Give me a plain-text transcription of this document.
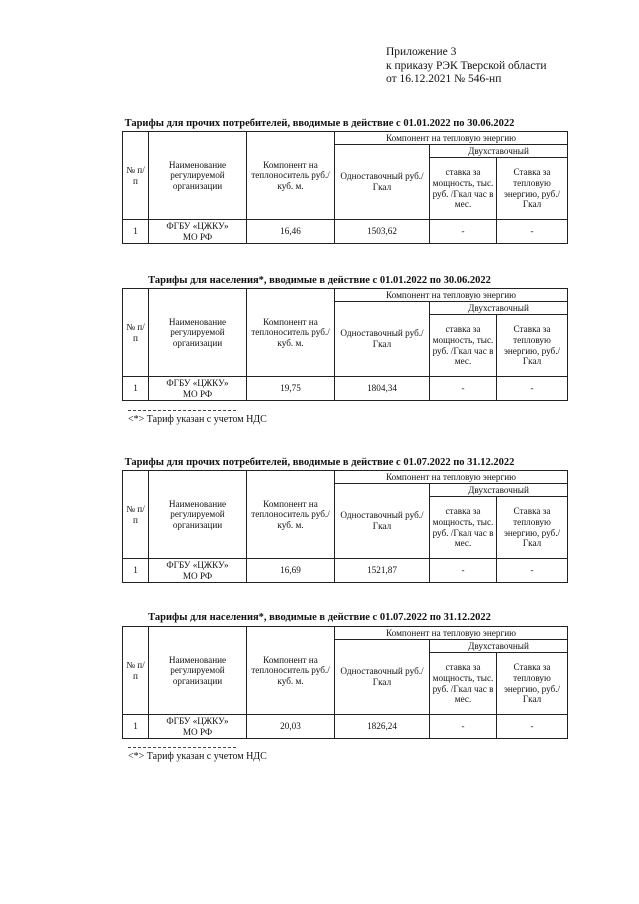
Приложение 3
к приказу РЭК Тверской области
от 16.12.2021 № 546-нп
Тарифы для прочих потребителей, вводимые в действие с 01.01.2022 по 30.06.2022
№ п/п	Наименование регулируемой организации	Компонент на теплоноситель руб./куб. м.	Компонент на тепловую энергию		
			Одноставочный руб./Гкал	Двухставочный	
				ставка за мощность, тыс. руб. /Гкал час в мес.	Ставка за тепловую энергию, руб./Гкал
1	ФГБУ «ЦЖКУ»
МО РФ	16,46	1503,62	-	-
Тарифы для населения*, вводимые в действие с 01.01.2022 по 30.06.2022
№ п/п	Наименование регулируемой организации	Компонент на теплоноситель руб./куб. м.	Компонент на тепловую энергию		
			Одноставочный руб./Гкал	Двухставочный	
				ставка за мощность, тыс. руб. /Гкал час в мес.	Ставка за тепловую энергию, руб./Гкал
1	ФГБУ «ЦЖКУ»
МО РФ	19,75	1804,34	-	-
<*> Тариф указан с учетом НДС
Тарифы для прочих потребителей, вводимые в действие с 01.07.2022 по 31.12.2022
№ п/п	Наименование регулируемой организации	Компонент на теплоноситель руб./куб. м.	Компонент на тепловую энергию		
			Одноставочный руб./Гкал	Двухставочный	
				ставка за мощность, тыс. руб. /Гкал час в мес.	Ставка за тепловую энергию, руб./Гкал
1	ФГБУ «ЦЖКУ»
МО РФ	16,69	1521,87	-	-
Тарифы для населения*, вводимые в действие с 01.07.2022 по 31.12.2022
№ п/п	Наименование регулируемой организации	Компонент на теплоноситель руб./куб. м.	Компонент на тепловую энергию		
			Одноставочный руб./Гкал	Двухставочный	
				ставка за мощность, тыс. руб. /Гкал час в мес.	Ставка за тепловую энергию, руб./Гкал
1	ФГБУ «ЦЖКУ»
МО РФ	20,03	1826,24	-	-
<*> Тариф указан с учетом НДС
